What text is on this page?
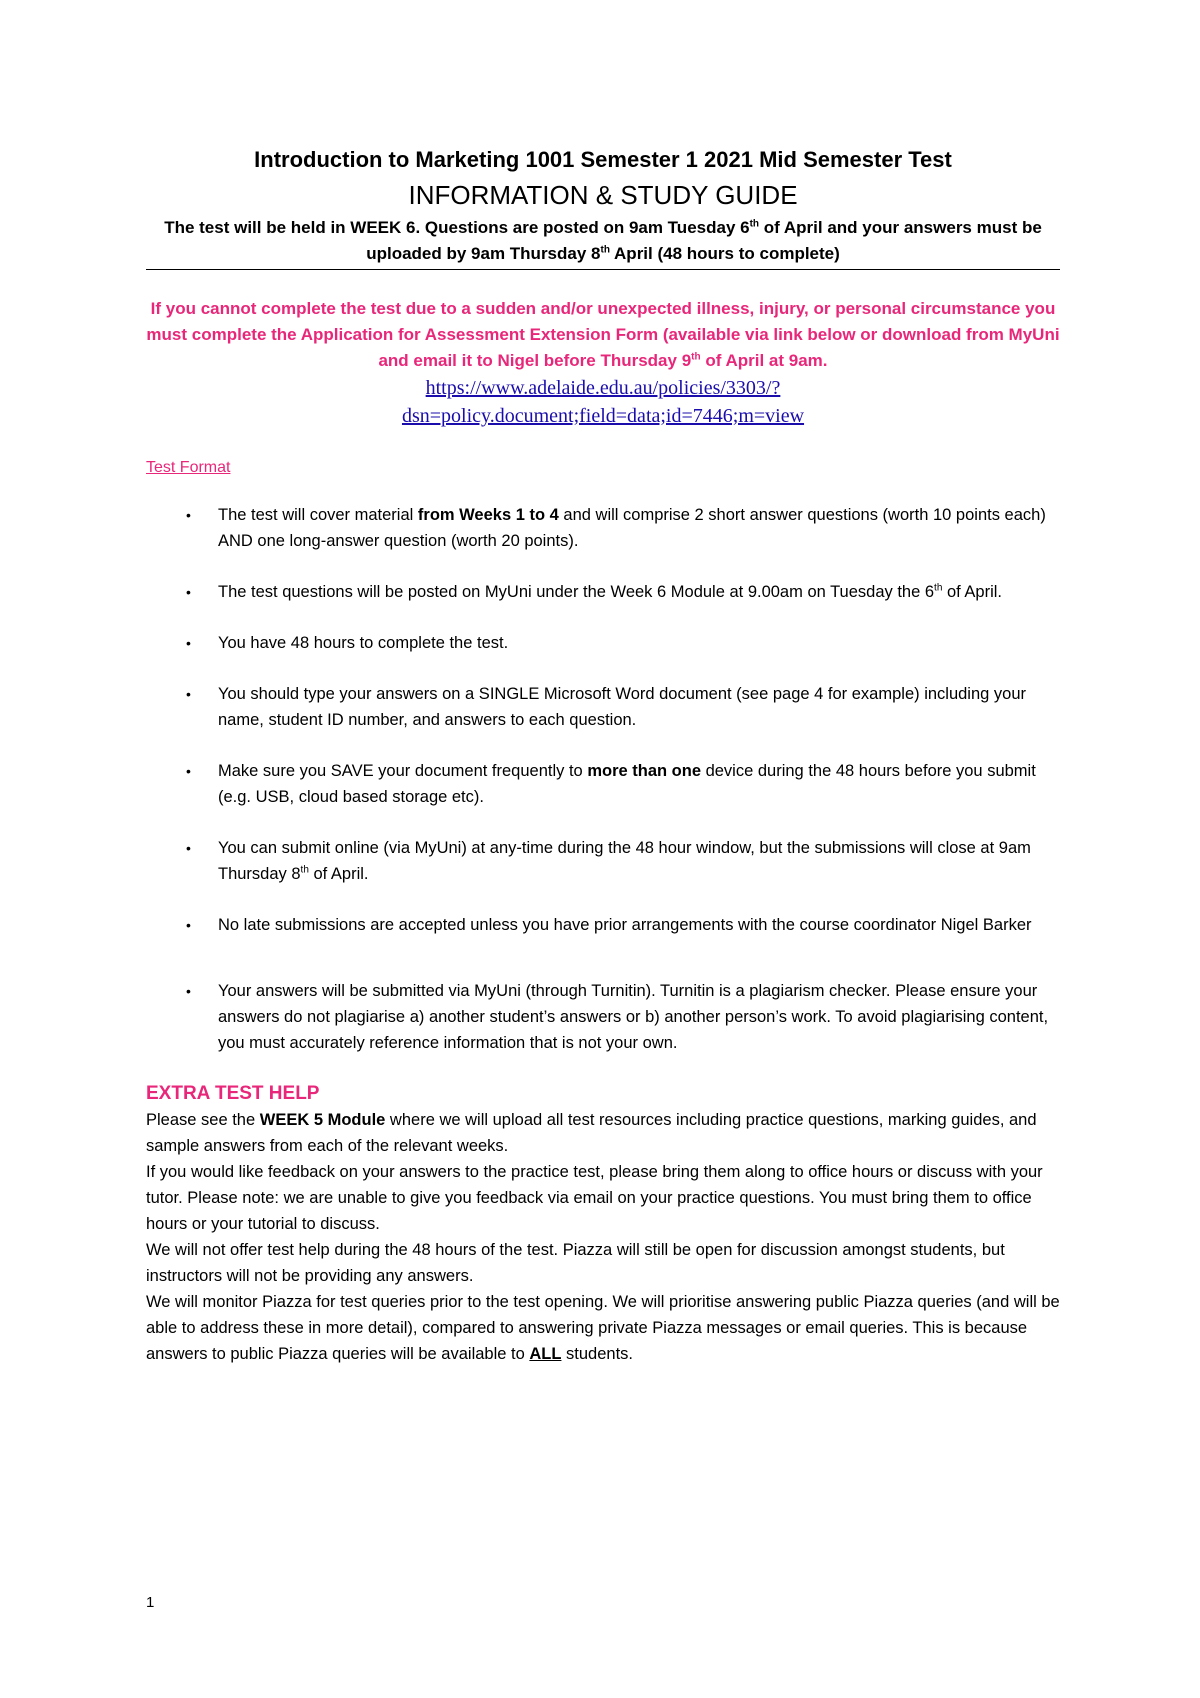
Introduction to Marketing 1001 Semester 1 2021 Mid Semester Test
INFORMATION & STUDY GUIDE

The test will be held in WEEK 6. Questions are posted on 9am Tuesday 6th of April and your answers must be uploaded by 9am Thursday 8th April (48 hours to complete)

If you cannot complete the test due to a sudden and/or unexpected illness, injury, or personal circumstance you must complete the Application for Assessment Extension Form (available via link below or download from MyUni and email it to Nigel before Thursday 9th of April at 9am.

https://www.adelaide.edu.au/policies/3303/?
dsn=policy.document;field=data;id=7446;m=view

Test Format
• The test will cover material from Weeks 1 to 4 and will comprise 2 short answer questions (worth 10 points each) AND one long-answer question (worth 20 points).
• The test questions will be posted on MyUni under the Week 6 Module at 9.00am on Tuesday the 6th of April.
• You have 48 hours to complete the test.
• You should type your answers on a SINGLE Microsoft Word document (see page 4 for example) including your name, student ID number, and answers to each question.
• Make sure you SAVE your document frequently to more than one device during the 48 hours before you submit (e.g. USB, cloud based storage etc).
• You can submit online (via MyUni) at any-time during the 48 hour window, but the submissions will close at 9am Thursday 8th of April.
• No late submissions are accepted unless you have prior arrangements with the course coordinator Nigel Barker
• Your answers will be submitted via MyUni (through Turnitin). Turnitin is a plagiarism checker. Please ensure your answers do not plagiarise a) another student’s answers or b) another person’s work. To avoid plagiarising content, you must accurately reference information that is not your own.
EXTRA TEST HELP

Please see the WEEK 5 Module where we will upload all test resources including practice questions, marking guides, and sample answers from each of the relevant weeks.

If you would like feedback on your answers to the practice test, please bring them along to office hours or discuss with your tutor. Please note: we are unable to give you feedback via email on your practice questions. You must bring them to office hours or your tutorial to discuss.

We will not offer test help during the 48 hours of the test. Piazza will still be open for discussion amongst students, but instructors will not be providing any answers.

We will monitor Piazza for test queries prior to the test opening. We will prioritise answering public Piazza queries (and will be able to address these in more detail), compared to answering private Piazza messages or email queries. This is because answers to public Piazza queries will be available to ALL students.

1
